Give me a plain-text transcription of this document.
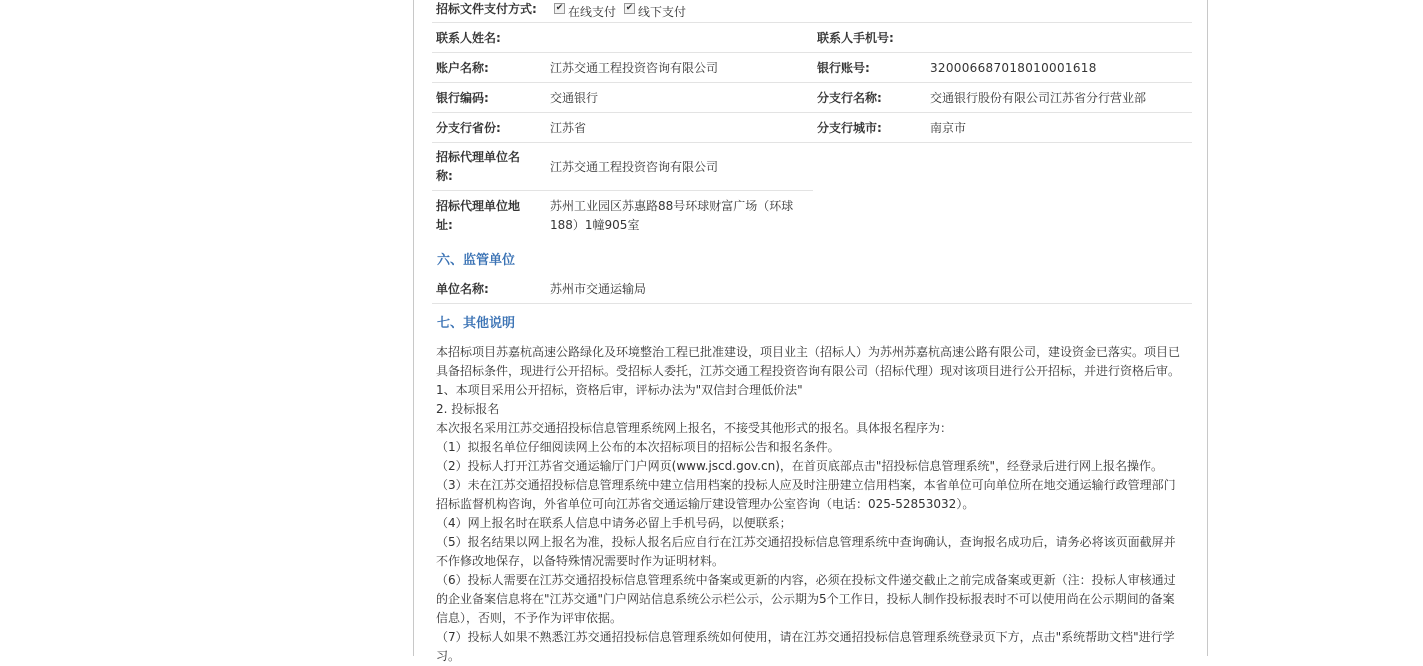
招标文件支付方式: ✔ 在线支付 ✔ 线下支付
联系人姓名:	联系人手机号:
账户名称:	江苏交通工程投资咨询有限公司	银行账号:	320006687018010001618
银行编码:	交通银行	分支行名称:	交通银行股份有限公司江苏省分行营业部
分支行省份:	江苏省	分支行城市:	南京市
招标代理单位名称:
江苏交通工程投资咨询有限公司
招标代理单位地址:
苏州工业园区苏惠路88号环球财富广场（环球188）1幢905室
六、监管单位
单位名称:	苏州市交通运输局
七、其他说明
本招标项目苏嘉杭高速公路绿化及环境整治工程已批准建设，项目业主（招标人）为苏州苏嘉杭高速公路有限公司，建设资金已落实。项目已具备招标条件，现进行公开招标。受招标人委托，江苏交通工程投资咨询有限公司（招标代理）现对该项目进行公开招标，并进行资格后审。
1、本项目采用公开招标，资格后审，评标办法为"双信封合理低价法"
2. 投标报名
本次报名采用江苏交通招投标信息管理系统网上报名，不接受其他形式的报名。具体报名程序为：
（1）拟报名单位仔细阅读网上公布的本次招标项目的招标公告和报名条件。
（2）投标人打开江苏省交通运输厅门户网页(www.jscd.gov.cn)，在首页底部点击"招投标信息管理系统"，经登录后进行网上报名操作。
（3）未在江苏交通招投标信息管理系统中建立信用档案的投标人应及时注册建立信用档案，本省单位可向单位所在地交通运输行政管理部门招标监督机构咨询，外省单位可向江苏省交通运输厅建设管理办公室咨询（电话：025-52853032）。
（4）网上报名时在联系人信息中请务必留上手机号码，以便联系；
（5）报名结果以网上报名为准，投标人报名后应自行在江苏交通招投标信息管理系统中查询确认，查询报名成功后，请务必将该页面截屏并不作修改地保存，以备特殊情况需要时作为证明材料。
（6）投标人需要在江苏交通招投标信息管理系统中备案或更新的内容，必须在投标文件递交截止之前完成备案或更新（注：投标人审核通过的企业备案信息将在"江苏交通"门户网站信息系统公示栏公示，公示期为5个工作日，投标人制作投标报表时不可以使用尚在公示期间的备案信息），否则，不予作为评审依据。
（7）投标人如果不熟悉江苏交通招投标信息管理系统如何使用，请在江苏交通招投标信息管理系统登录页下方，点击"系统帮助文档"进行学习。
